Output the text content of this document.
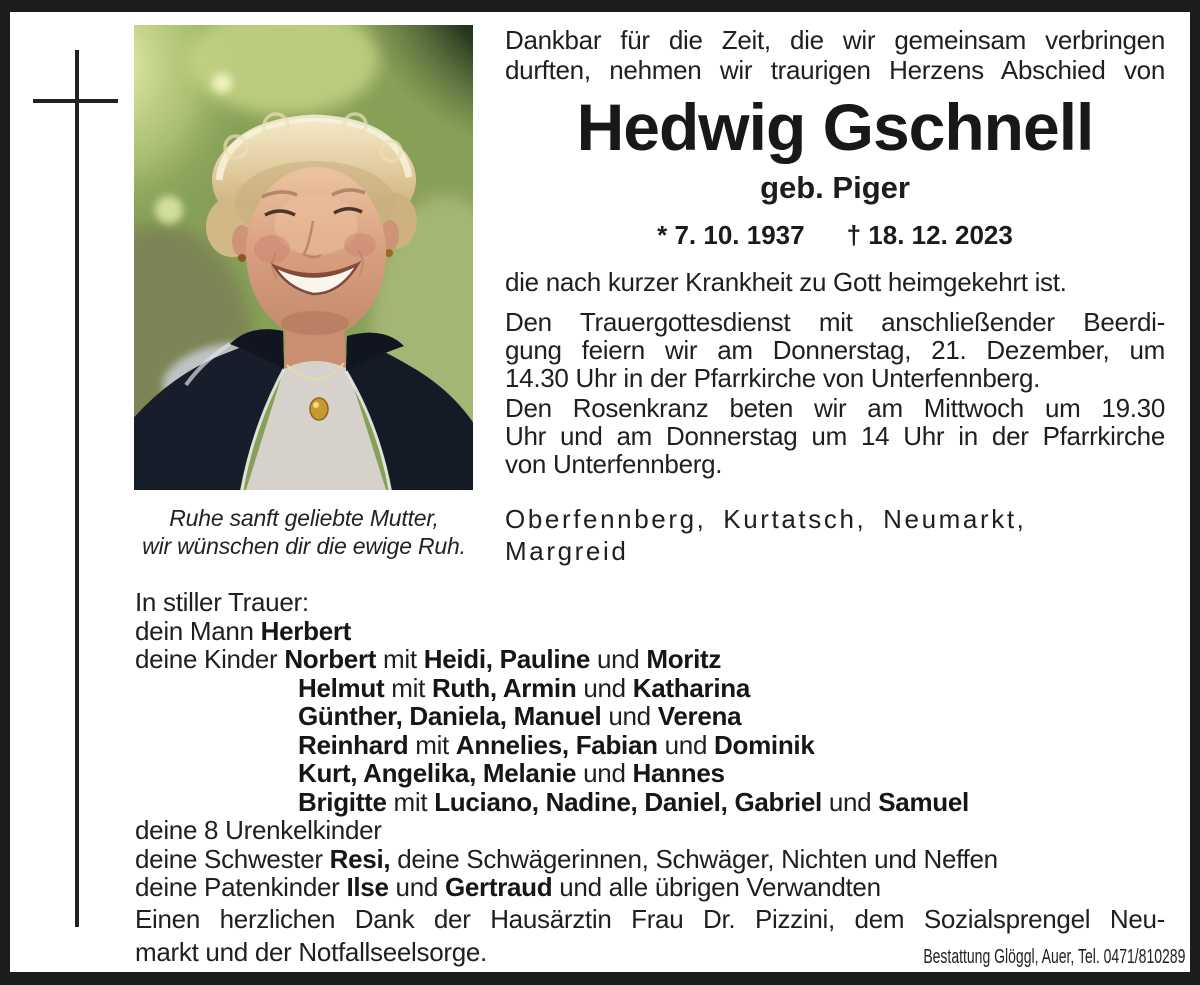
Ruhe sanft geliebte Mutter,
wir wünschen dir die ewige Ruh.
Dankbar für die Zeit, die wir gemeinsam verbringen
durften, nehmen wir traurigen Herzens Abschied von
Hedwig Gschnell
geb. Piger
* 7. 10. 1937 † 18. 12. 2023
die nach kurzer Krankheit zu Gott heimgekehrt ist.
Den Trauergottesdienst mit anschließender Beerdi-
gung feiern wir am Donnerstag, 21. Dezember, um
14.30 Uhr in der Pfarrkirche von Unterfennberg.
Den Rosenkranz beten wir am Mittwoch um 19.30
Uhr und am Donnerstag um 14 Uhr in der Pfarrkirche
von Unterfennberg.
Oberfennberg, Kurtatsch, Neumarkt,
Margreid
In stiller Trauer:
dein Mann Herbert
deine Kinder Norbert mit Heidi, Pauline und Moritz
Helmut mit Ruth, Armin und Katharina
Günther, Daniela, Manuel und Verena
Reinhard mit Annelies, Fabian und Dominik
Kurt, Angelika, Melanie und Hannes
Brigitte mit Luciano, Nadine, Daniel, Gabriel und Samuel
deine 8 Urenkelkinder
deine Schwester Resi, deine Schwägerinnen, Schwäger, Nichten und Neffen
deine Patenkinder Ilse und Gertraud und alle übrigen Verwandten
Einen herzlichen Dank der Hausärztin Frau Dr. Pizzini, dem Sozialsprengel Neu-
markt und der Notfallseelsorge.	Bestattung Glöggl, Auer, Tel. 0471/810289
